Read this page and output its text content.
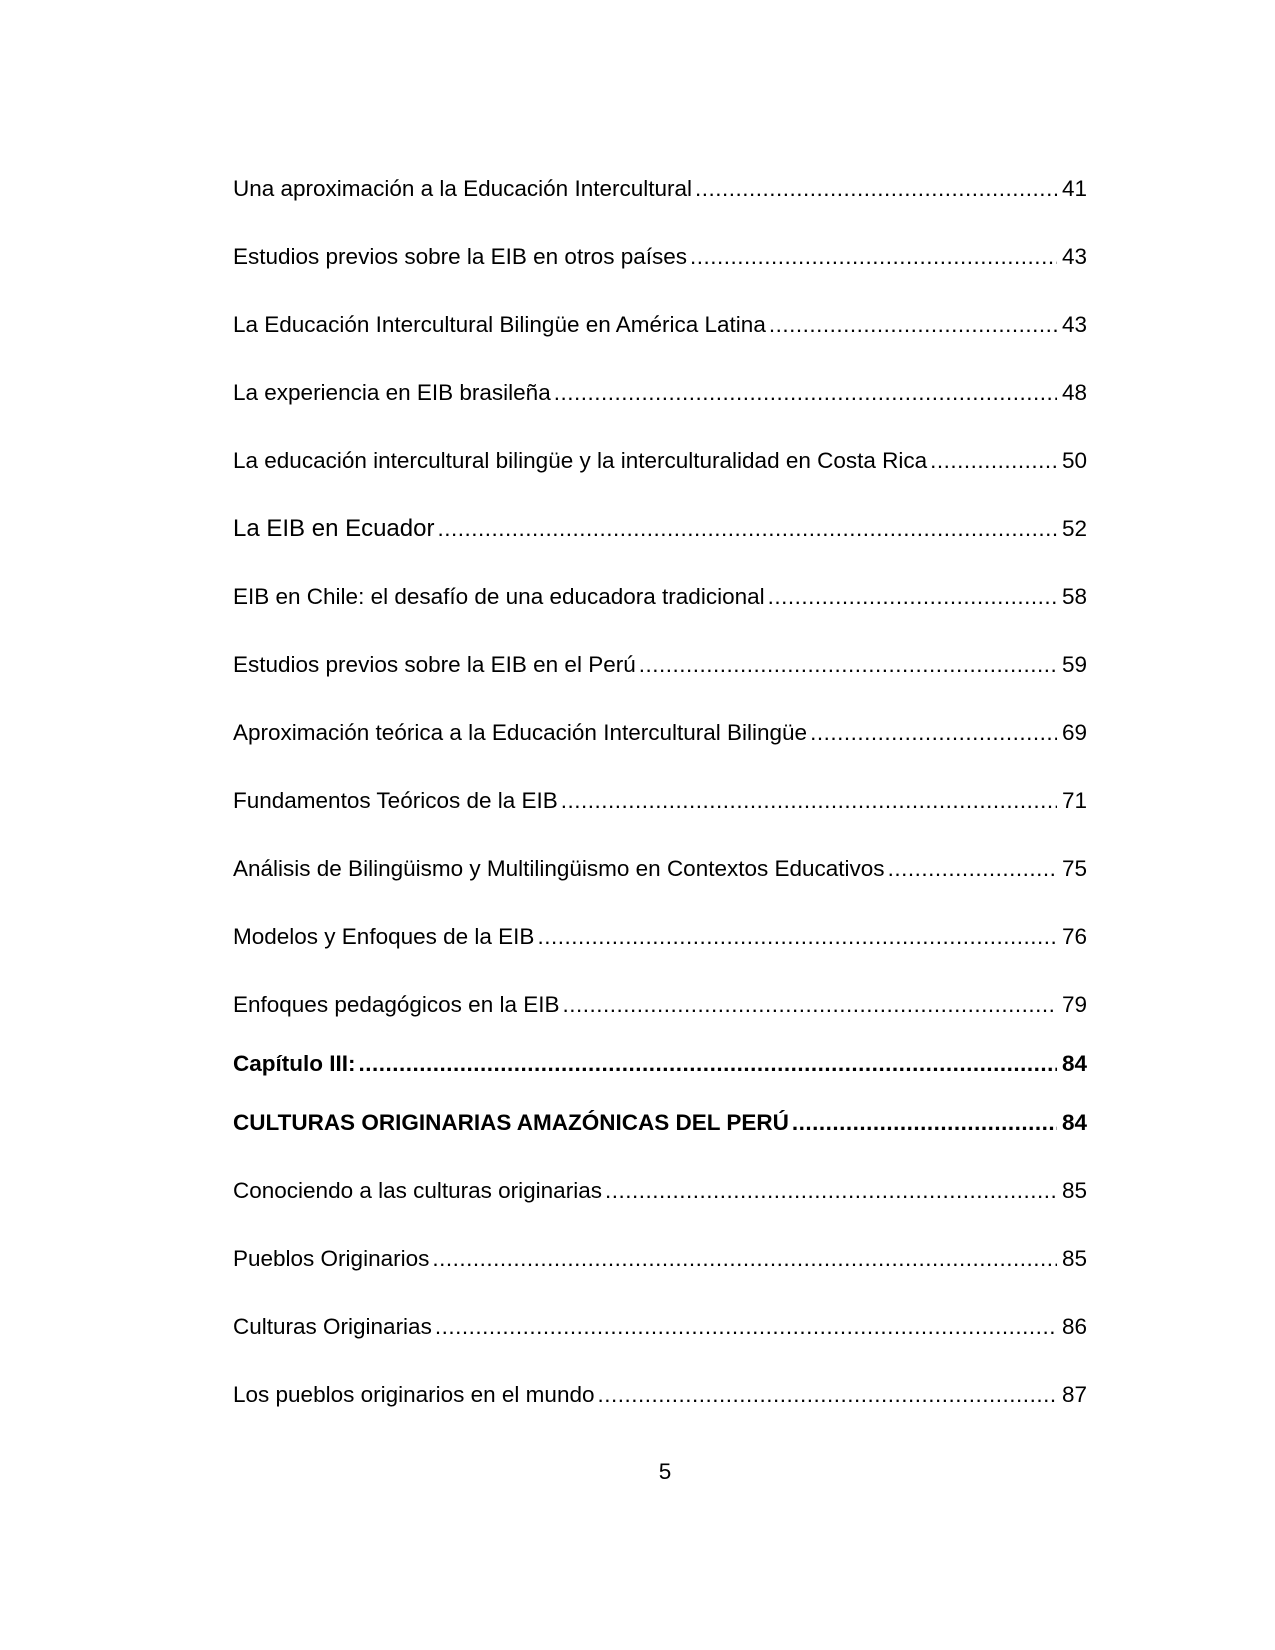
Una aproximación a la Educación Intercultural .....	41
Estudios previos sobre la EIB en otros países .....	43
La Educación Intercultural Bilingüe en América Latina .....	43
La experiencia en EIB brasileña .....	48
La educación intercultural bilingüe y la interculturalidad en Costa Rica .....	50
La EIB en Ecuador .....	52
EIB en Chile: el desafío de una educadora tradicional .....	58
Estudios previos sobre la EIB en el Perú .....	59
Aproximación teórica a la Educación Intercultural Bilingüe .....	69
Fundamentos Teóricos de la EIB .....	71
Análisis de Bilingüismo y Multilingüismo en Contextos Educativos .....	75
Modelos y Enfoques de la EIB .....	76
Enfoques pedagógicos en la EIB .....	79
Capítulo III: .....	84
CULTURAS ORIGINARIAS AMAZÓNICAS DEL PERÚ .....	84
Conociendo a las culturas originarias .....	85
Pueblos Originarios .....	85
Culturas Originarias .....	86
Los pueblos originarios en el mundo .....	87
5
